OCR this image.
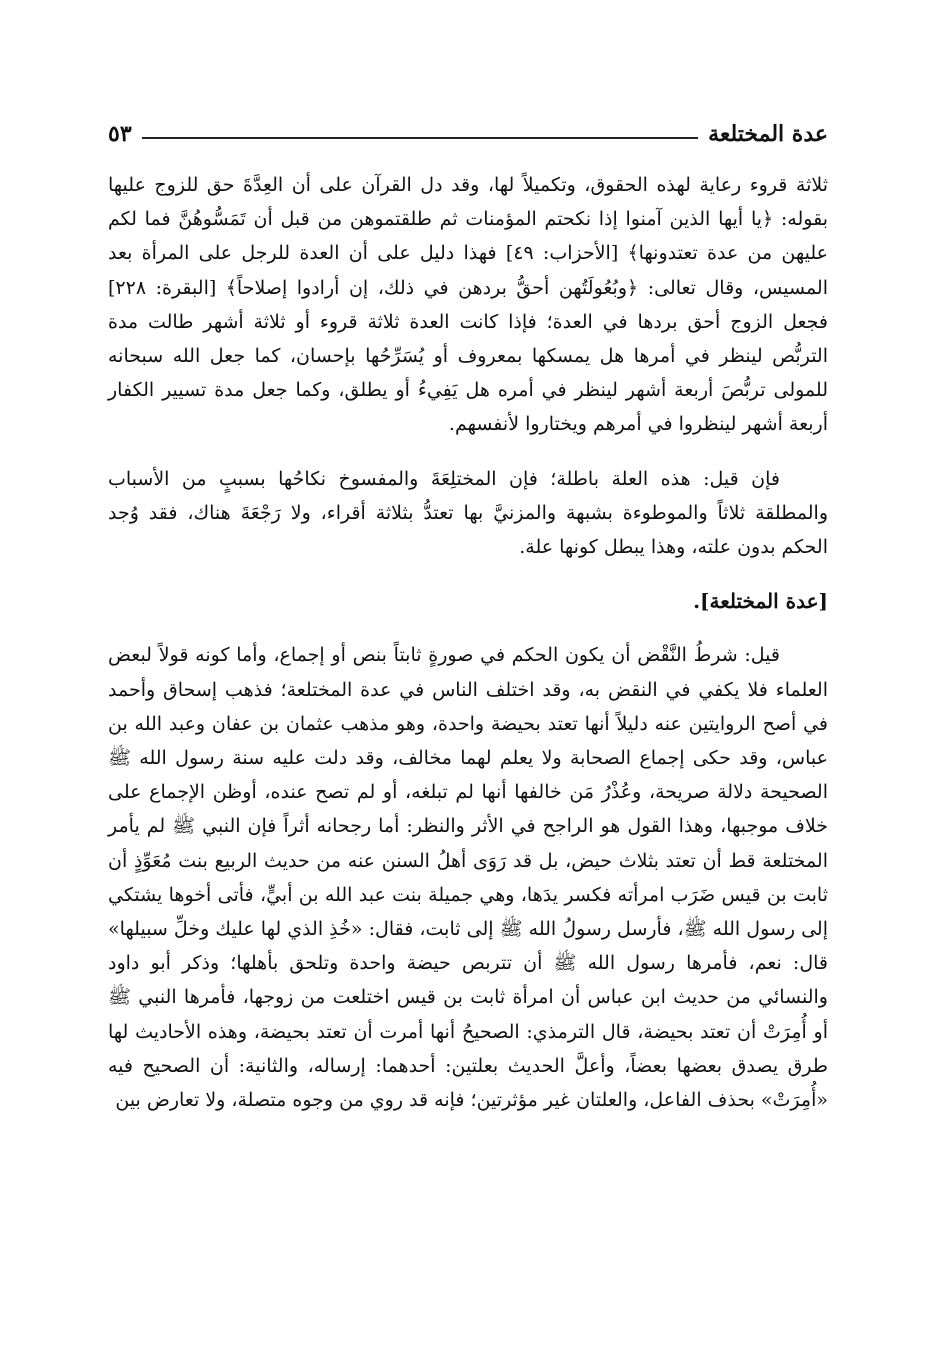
عدة المختلعة
٥٣

ثلاثة قروء رعاية لهذه الحقوق، وتكميلاً لها، وقد دل القرآن على أن العِدَّةَ حق للزوج عليها بقوله: ﴿يا أيها الذين آمنوا إذا نكحتم المؤمنات ثم طلقتموهن من قبل أن تَمَسُّوهُنَّ فما لكم عليهن من عدة تعتدونها﴾ [الأحزاب: ٤٩] فهذا دليل على أن العدة للرجل على المرأة بعد المسيس، وقال تعالى: ﴿وبُعُولَتُهن أحقُّ بردهن في ذلك، إن أرادوا إصلاحاً﴾ [البقرة: ٢٢٨] فجعل الزوج أحق بردها في العدة؛ فإذا كانت العدة ثلاثة قروء أو ثلاثة أشهر طالت مدة التربُّص لينظر في أمرها هل يمسكها بمعروف أو يُسَرِّحُها بإحسان، كما جعل الله سبحانه للمولى تربُّصَ أربعة أشهر لينظر في أمره هل يَفِيءُ أو يطلق، وكما جعل مدة تسيير الكفار أربعة أشهر لينظروا في أمرهم ويختاروا لأنفسهم.

فإن قيل: هذه العلة باطلة؛ فإن المختلِعَةَ والمفسوخ نكاحُها بسببٍ من الأسباب والمطلقة ثلاثاً والموطوءة بشبهة والمزنيَّ بها تعتدُّ بثلاثة أقراء، ولا رَجْعَةَ هناك، فقد وُجد الحكم بدون علته، وهذا يبطل كونها علة.

[عدة المختلعة].

قيل: شرطُ النَّقْض أن يكون الحكم في صورةٍ ثابتاً بنص أو إجماع، وأما كونه قولاً لبعض العلماء فلا يكفي في النقض به، وقد اختلف الناس في عدة المختلعة؛ فذهب إسحاق وأحمد في أصح الروايتين عنه دليلاً أنها تعتد بحيضة واحدة، وهو مذهب عثمان بن عفان وعبد الله بن عباس، وقد حكى إجماع الصحابة ولا يعلم لهما مخالف، وقد دلت عليه سنة رسول الله ﷺ الصحيحة دلالة صريحة، وعُذْرُ مَن خالفها أنها لم تبلغه، أو لم تصح عنده، أوظن الإجماع على خلاف موجبها، وهذا القول هو الراجح في الأثر والنظر: أما رجحانه أثراً فإن النبي ﷺ لم يأمر المختلعة قط أن تعتد بثلاث حيض، بل قد رَوَى أهلُ السنن عنه من حديث الربيع بنت مُعَوِّذٍ أن ثابت بن قيس ضَرَب امرأته فكسر يدَها، وهي جميلة بنت عبد الله بن أبيٍّ، فأتى أخوها يشتكي إلى رسول الله ﷺ، فأرسل رسولُ الله ﷺ إلى ثابت، فقال: «خُذِ الذي لها عليك وخلِّ سبيلها» قال: نعم، فأمرها رسول الله ﷺ أن تتربص حيضة واحدة وتلحق بأهلها؛ وذكر أبو داود والنسائي من حديث ابن عباس أن امرأة ثابت بن قيس اختلعت من زوجها، فأمرها النبي ﷺ أو أُمِرَتْ أن تعتد بحيضة، قال الترمذي: الصحيحُ أنها أمرت أن تعتد بحيضة، وهذه الأحاديث لها طرق يصدق بعضها بعضاً، وأعلَّ الحديث بعلتين: أحدهما: إرساله، والثانية: أن الصحيح فيه «أُمِرَتْ» بحذف الفاعل، والعلتان غير مؤثرتين؛ فإنه قد روي من وجوه متصلة، ولا تعارض بين
